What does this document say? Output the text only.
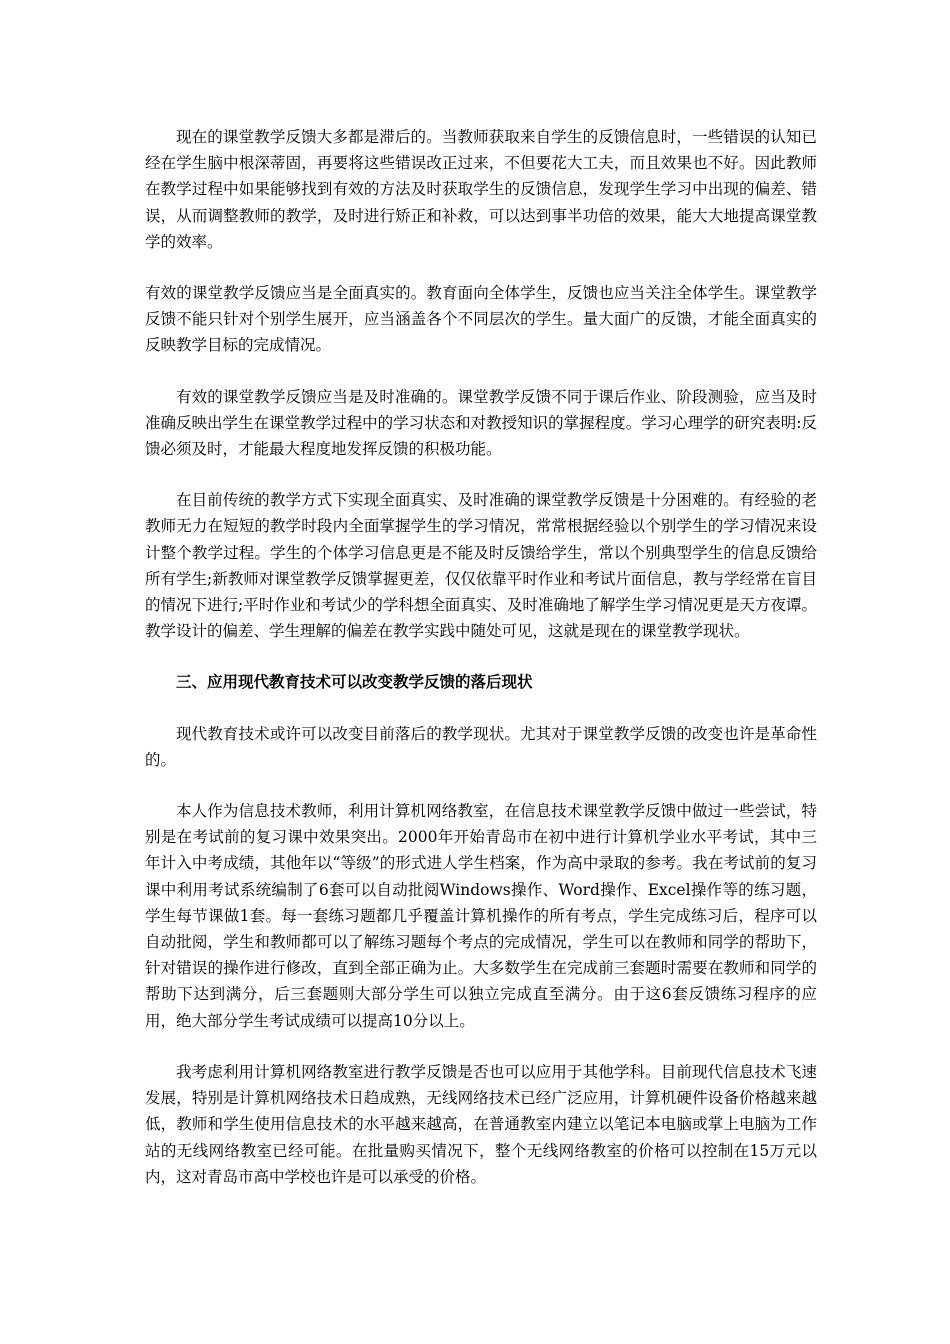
现在的课堂教学反馈大多都是滞后的。当教师获取来自学生的反馈信息时，一些错误的认知已经在学生脑中根深蒂固，再要将这些错误改正过来，不但要花大工夫，而且效果也不好。因此教师在教学过程中如果能够找到有效的方法及时获取学生的反馈信息，发现学生学习中出现的偏差、错误，从而调整教师的教学，及时进行矫正和补救，可以达到事半功倍的效果，能大大地提高课堂教学的效率。

有效的课堂教学反馈应当是全面真实的。教育面向全体学生，反馈也应当关注全体学生。课堂教学反馈不能只针对个别学生展开，应当涵盖各个不同层次的学生。量大面广的反馈，才能全面真实的反映教学目标的完成情况。

有效的课堂教学反馈应当是及时准确的。课堂教学反馈不同于课后作业、阶段测验，应当及时准确反映出学生在课堂教学过程中的学习状态和对教授知识的掌握程度。学习心理学的研究表明:反馈必须及时，才能最大程度地发挥反馈的积极功能。

在目前传统的教学方式下实现全面真实、及时准确的课堂教学反馈是十分困难的。有经验的老教师无力在短短的教学时段内全面掌握学生的学习情况，常常根据经验以个别学生的学习情况来设计整个教学过程。学生的个体学习信息更是不能及时反馈给学生，常以个别典型学生的信息反馈给所有学生;新教师对课堂教学反馈掌握更差，仅仅依靠平时作业和考试片面信息，教与学经常在盲目的情况下进行;平时作业和考试少的学科想全面真实、及时准确地了解学生学习情况更是天方夜谭。教学设计的偏差、学生理解的偏差在教学实践中随处可见，这就是现在的课堂教学现状。

三、应用现代教育技术可以改变教学反馈的落后现状

现代教育技术或许可以改变目前落后的教学现状。尤其对于课堂教学反馈的改变也许是革命性的。

本人作为信息技术教师，利用计算机网络教室，在信息技术课堂教学反馈中做过一些尝试，特别是在考试前的复习课中效果突出。2000年开始青岛市在初中进行计算机学业水平考试，其中三年计入中考成绩，其他年以“等级”的形式进人学生档案，作为高中录取的参考。我在考试前的复习课中利用考试系统编制了6套可以自动批阅Windows操作、Word操作、Excel操作等的练习题，学生每节课做1套。每一套练习题都几乎覆盖计算机操作的所有考点，学生完成练习后，程序可以自动批阅，学生和教师都可以了解练习题每个考点的完成情况，学生可以在教师和同学的帮助下，针对错误的操作进行修改，直到全部正确为止。大多数学生在完成前三套题时需要在教师和同学的帮助下达到满分，后三套题则大部分学生可以独立完成直至满分。由于这6套反馈练习程序的应用，绝大部分学生考试成绩可以提高10分以上。

我考虑利用计算机网络教室进行教学反馈是否也可以应用于其他学科。目前现代信息技术飞速发展，特别是计算机网络技术日趋成熟，无线网络技术已经广泛应用，计算机硬件设备价格越来越低，教师和学生使用信息技术的水平越来越高，在普通教室内建立以笔记本电脑或掌上电脑为工作站的无线网络教室已经可能。在批量购买情况下，整个无线网络教室的价格可以控制在15万元以内，这对青岛市高中学校也许是可以承受的价格。
